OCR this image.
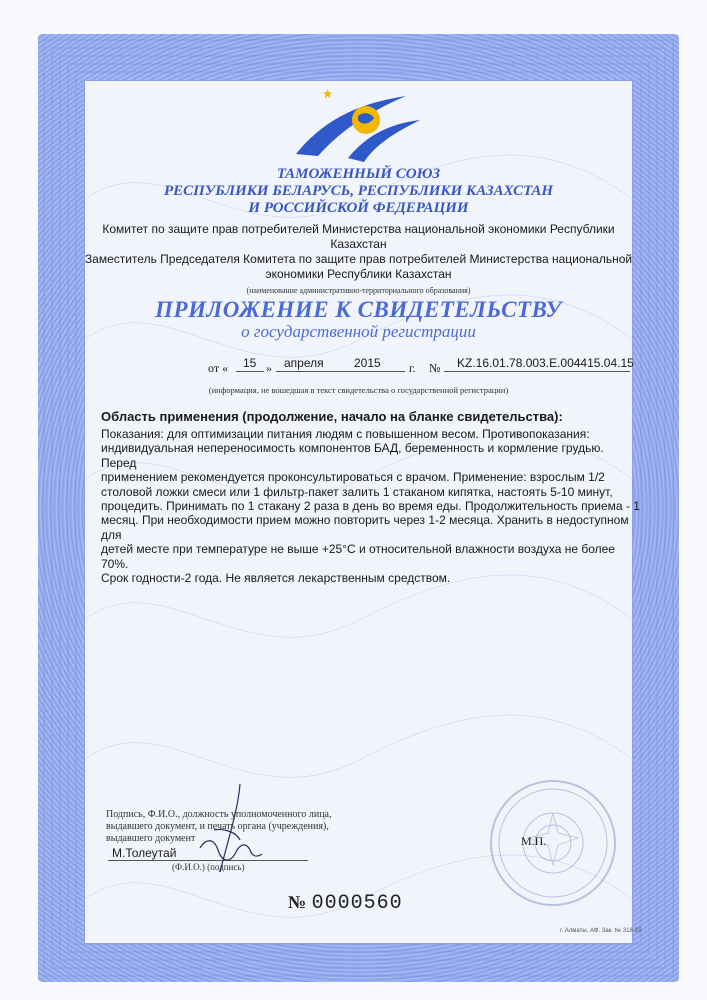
ТАМОЖЕННЫЙ СОЮЗ
РЕСПУБЛИКИ БЕЛАРУСЬ, РЕСПУБЛИКИ КАЗАХСТАН
И РОССИЙСКОЙ ФЕДЕРАЦИИ
Комитет по защите прав потребителей Министерства национальной экономики Республики
Казахстан
Заместитель Председателя Комитета по защите прав потребителей Министерства национальной
экономики Республики Казахстан
(наименование административно-территориального образования)
ПРИЛОЖЕНИЕ К СВИДЕТЕЛЬСТВУ
о государственной регистрации
от « 15 » апреля	2015 г. № KZ.16.01.78.003.E.004415.04.15
(информация, не вошедшая в текст свидетельства о государственной регистрации)
Область применения (продолжение, начало на бланке свидетельства):
Показания: для оптимизации питания людям с повышенном весом. Противопоказания:
индивидуальная непереносимость компонентов БАД, беременность и кормление грудью. Перед
применением рекомендуется проконсультироваться с врачом. Применение: взрослым 1/2
столовой ложки смеси или 1 фильтр-пакет залить 1 стаканом кипятка, настоять 5-10 минут,
процедить. Принимать по 1 стакану 2 раза в день во время еды. Продолжительность приема - 1
месяц. При необходимости прием можно повторить через 1-2 месяца. Хранить в недоступном для
детей месте при температуре не выше +25°С и относительной влажности воздуха не более 70%.
Срок годности-2 года. Не является лекарственным средством.
Подпись, Ф.И.О., должность уполномоченного лица,
выдавшего документ, и печать органа (учреждения),
выдавшего документ
М.Толеутай
(Ф.И.О.) (подпись)
М.П.
№ 0000560
г. Алматы, АФ. Зак. № 318-15
